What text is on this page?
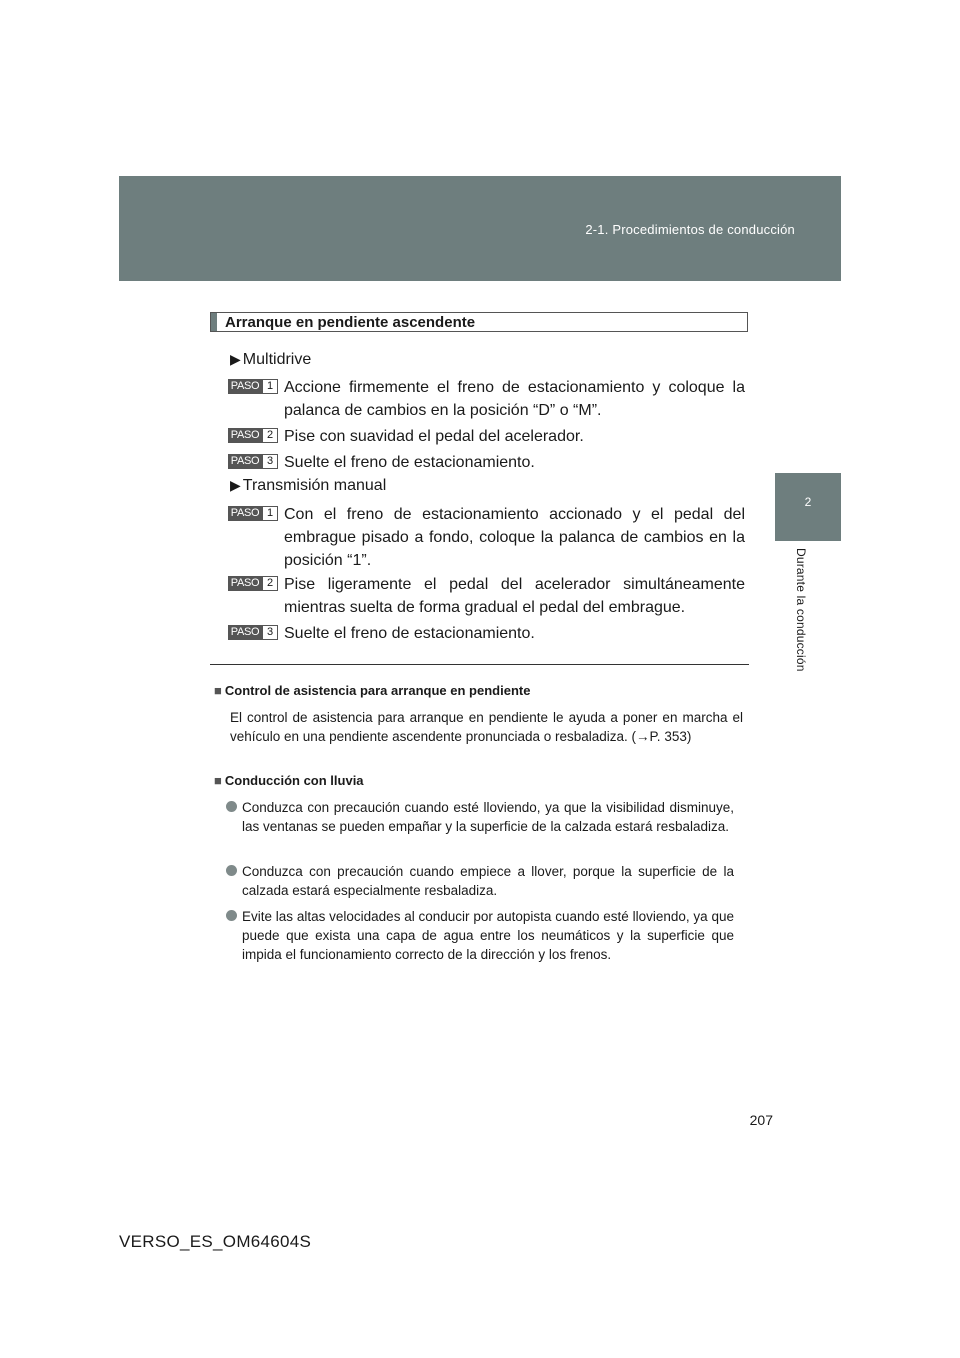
2-1. Procedimientos de conducción
2
Durante la conducción
Arranque en pendiente ascendente
▶ Multidrive
PASO 1 Accione firmemente el freno de estacionamiento y coloque la palanca de cambios en la posición “D” o “M”.
PASO 2 Pise con suavidad el pedal del acelerador.
PASO 3 Suelte el freno de estacionamiento.
▶ Transmisión manual
PASO 1 Con el freno de estacionamiento accionado y el pedal del embrague pisado a fondo, coloque la palanca de cambios en la posición “1”.
PASO 2 Pise ligeramente el pedal del acelerador simultáneamente mientras suelta de forma gradual el pedal del embrague.
PASO 3 Suelte el freno de estacionamiento.
■ Control de asistencia para arranque en pendiente
El control de asistencia para arranque en pendiente le ayuda a poner en marcha el vehículo en una pendiente ascendente pronunciada o resbaladiza. (→P. 353)
■ Conducción con lluvia
Conduzca con precaución cuando esté lloviendo, ya que la visibilidad disminuye, las ventanas se pueden empañar y la superficie de la calzada estará resbaladiza.
Conduzca con precaución cuando empiece a llover, porque la superficie de la calzada estará especialmente resbaladiza.
Evite las altas velocidades al conducir por autopista cuando esté lloviendo, ya que puede que exista una capa de agua entre los neumáticos y la superficie que impida el funcionamiento correcto de la dirección y los frenos.
207
VERSO_ES_OM64604S
